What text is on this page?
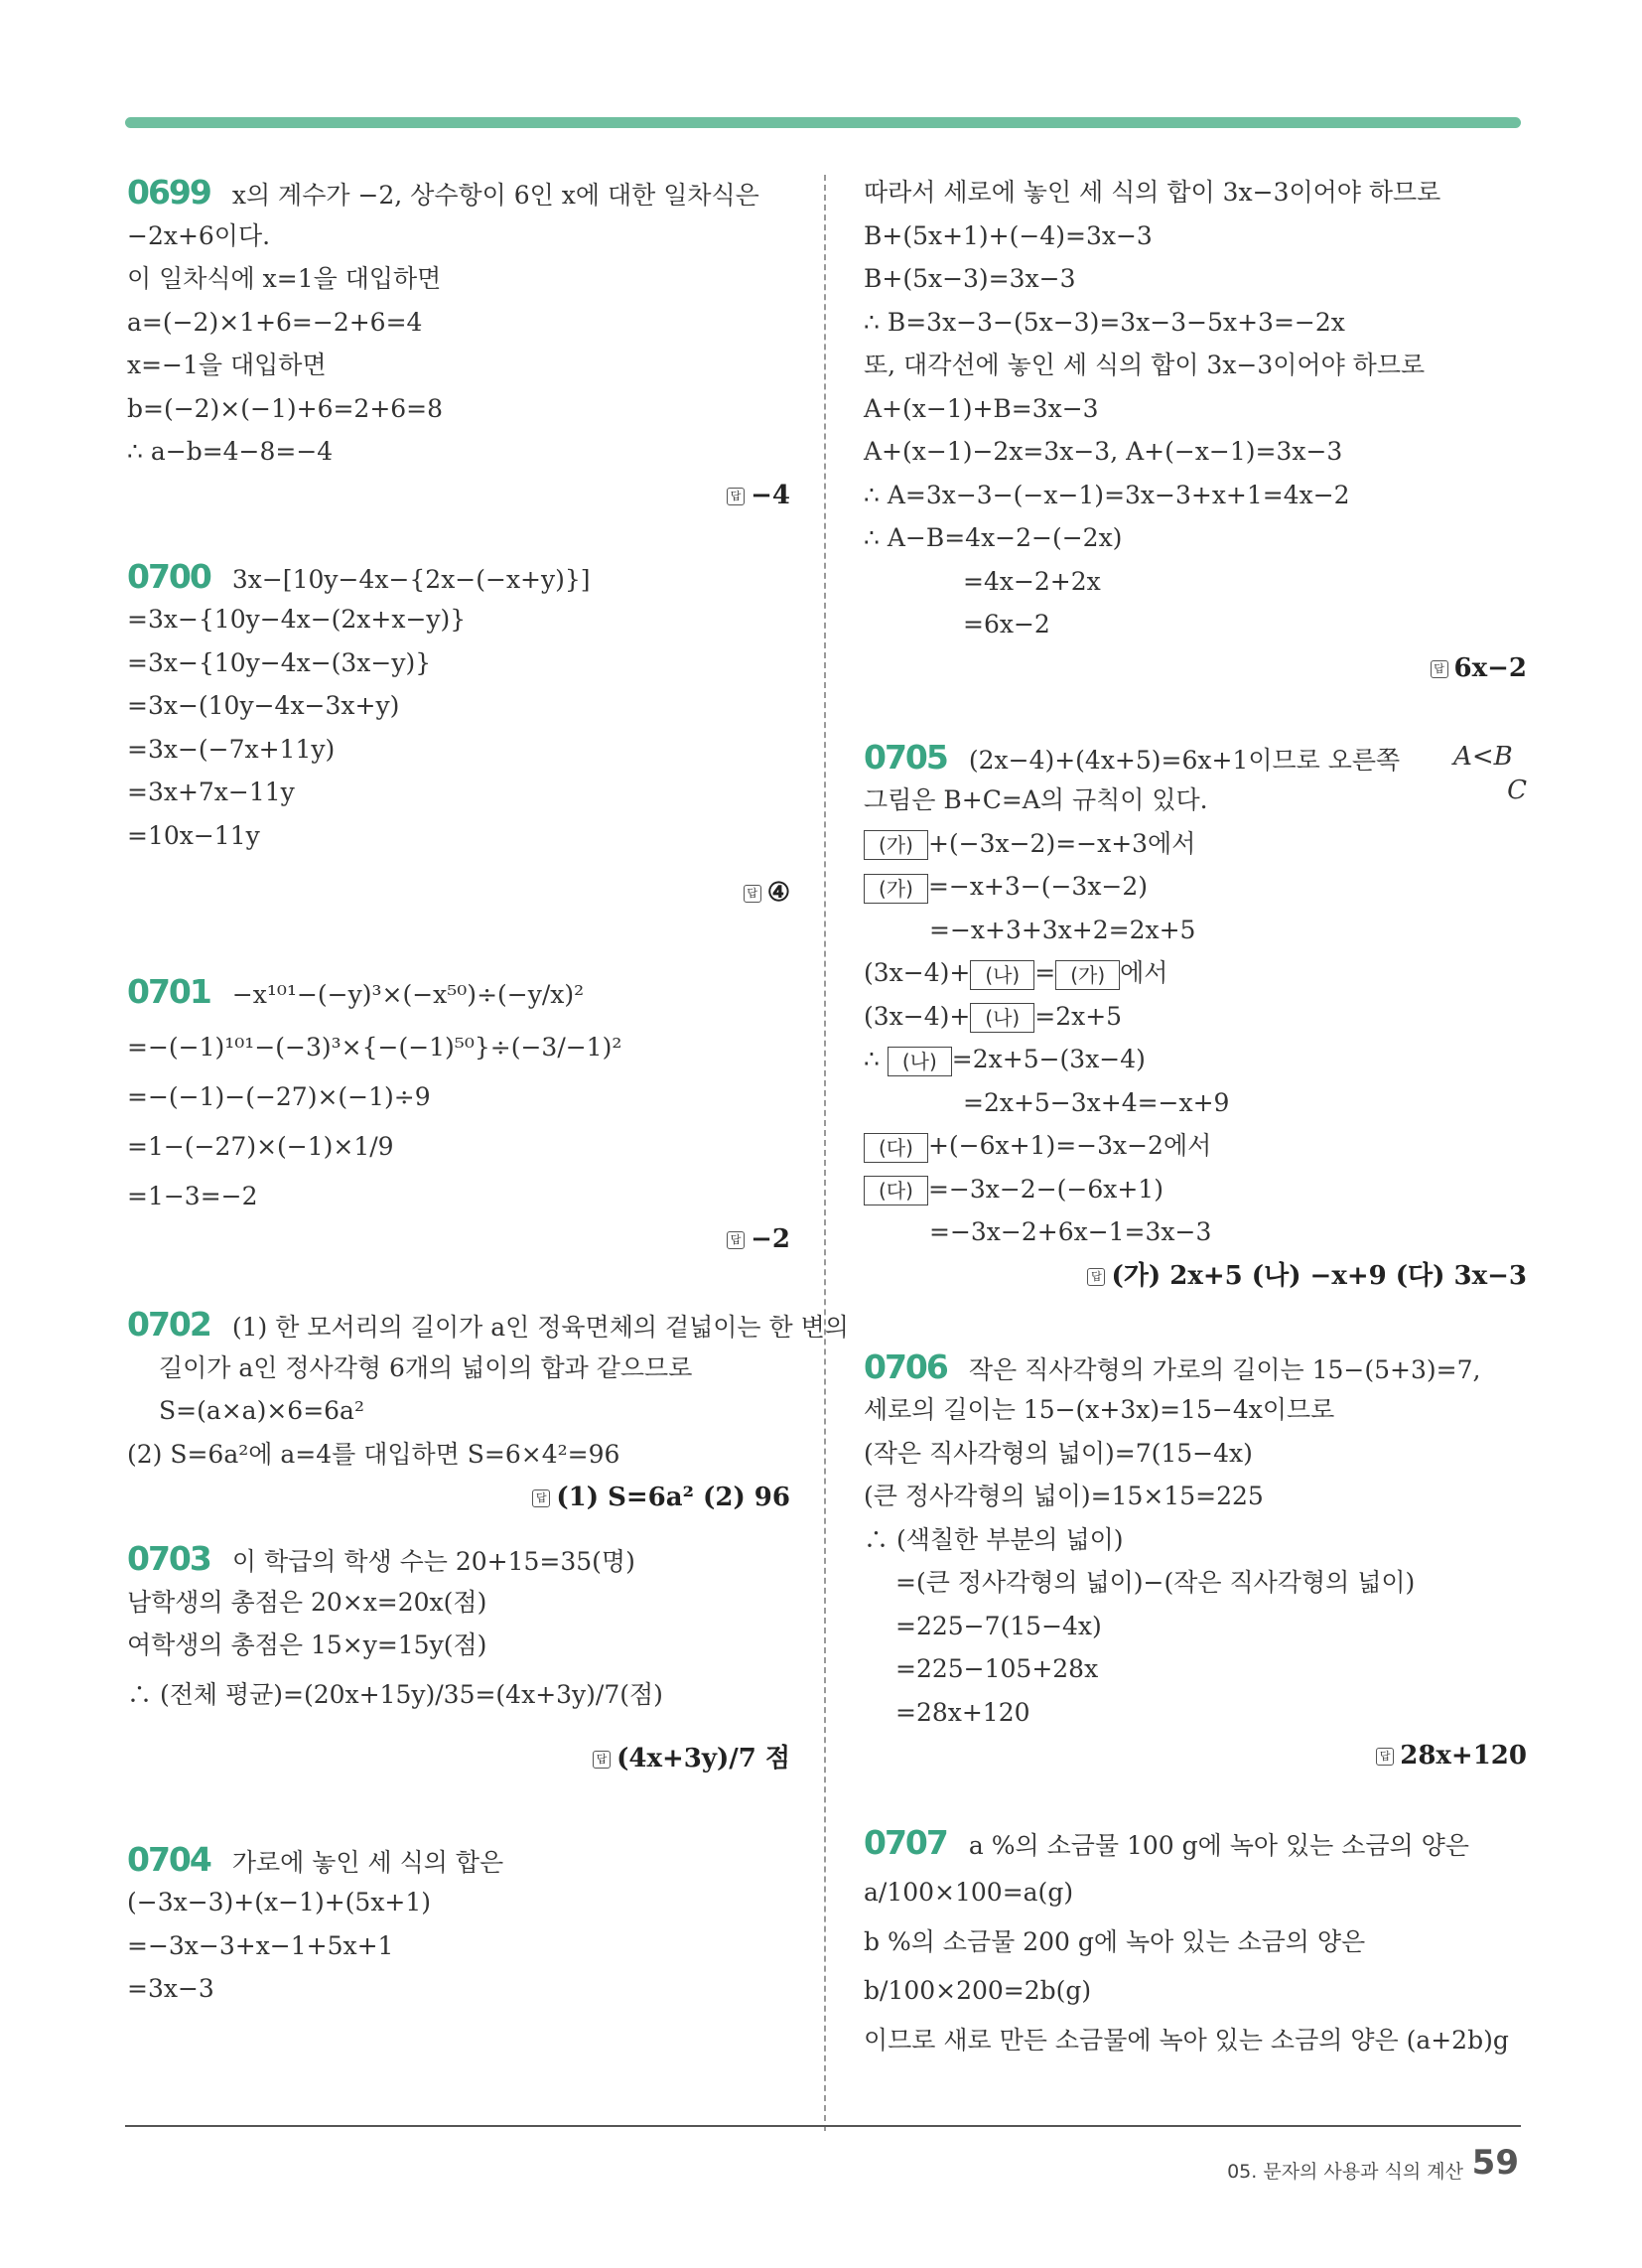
0699 x의 계수가 −2, 상수항이 6인 x에 대한 일차식은
−2x+6이다.
이 일차식에 x=1을 대입하면
a=(−2)×1+6=−2+6=4
x=−1을 대입하면
b=(−2)×(−1)+6=2+6=8
∴ a−b=4−8=−4
답 −4
0700 3x−[10y−4x−{2x−(−x+y)}]
=3x−{10y−4x−(2x+x−y)}
=3x−{10y−4x−(3x−y)}
=3x−(10y−4x−3x+y)
=3x−(−7x+11y)
=3x+7x−11y
=10x−11y
답 ④
0701 −x¹⁰¹−(−y)³×(−x⁵⁰)÷(−y/x)²
=−(−1)¹⁰¹−(−3)³×{−(−1)⁵⁰}÷(−3/−1)²
=−(−1)−(−27)×(−1)÷9
=1−(−27)×(−1)×1/9
=1−3=−2
답 −2
0702 (1) 한 모서리의 길이가 a인 정육면체의 겉넓이는 한 변의
길이가 a인 정사각형 6개의 넓이의 합과 같으므로
S=(a×a)×6=6a²
(2) S=6a²에 a=4를 대입하면 S=6×4²=96
답 (1) S=6a² (2) 96
0703 이 학급의 학생 수는 20+15=35(명)
남학생의 총점은 20×x=20x(점)
여학생의 총점은 15×y=15y(점)
∴ (전체 평균)=(20x+15y)/35=(4x+3y)/7(점)
답 (4x+3y)/7 점
0704 가로에 놓인 세 식의 합은
(−3x−3)+(x−1)+(5x+1)
=−3x−3+x−1+5x+1
=3x−3
따라서 세로에 놓인 세 식의 합이 3x−3이어야 하므로
B+(5x+1)+(−4)=3x−3
B+(5x−3)=3x−3
∴ B=3x−3−(5x−3)=3x−3−5x+3=−2x
또, 대각선에 놓인 세 식의 합이 3x−3이어야 하므로
A+(x−1)+B=3x−3
A+(x−1)−2x=3x−3, A+(−x−1)=3x−3
∴ A=3x−3−(−x−1)=3x−3+x+1=4x−2
∴ A−B=4x−2−(−2x)
=4x−2+2x
=6x−2
답 6x−2
A<B
C
0705 (2x−4)+(4x+5)=6x+1이므로 오른쪽
그림은 B+C=A의 규칙이 있다.
(가) +(−3x−2)=−x+3에서
(가) =−x+3−(−3x−2)
=−x+3+3x+2=2x+5
(3x−4)+ (나) = (가) 에서
(3x−4)+ (나) =2x+5
∴ (나) =2x+5−(3x−4)
=2x+5−3x+4=−x+9
(다) +(−6x+1)=−3x−2에서
(다) =−3x−2−(−6x+1)
=−3x−2+6x−1=3x−3
답 (가) 2x+5 (나) −x+9 (다) 3x−3
0706 작은 직사각형의 가로의 길이는 15−(5+3)=7,
세로의 길이는 15−(x+3x)=15−4x이므로
(작은 직사각형의 넓이)=7(15−4x)
(큰 정사각형의 넓이)=15×15=225
∴ (색칠한 부분의 넓이)
=(큰 정사각형의 넓이)−(작은 직사각형의 넓이)
=225−7(15−4x)
=225−105+28x
=28x+120
답 28x+120
0707 a %의 소금물 100 g에 녹아 있는 소금의 양은
a/100×100=a(g)
b %의 소금물 200 g에 녹아 있는 소금의 양은
b/100×200=2b(g)
이므로 새로 만든 소금물에 녹아 있는 소금의 양은 (a+2b)g
05. 문자의 사용과 식의 계산 59
